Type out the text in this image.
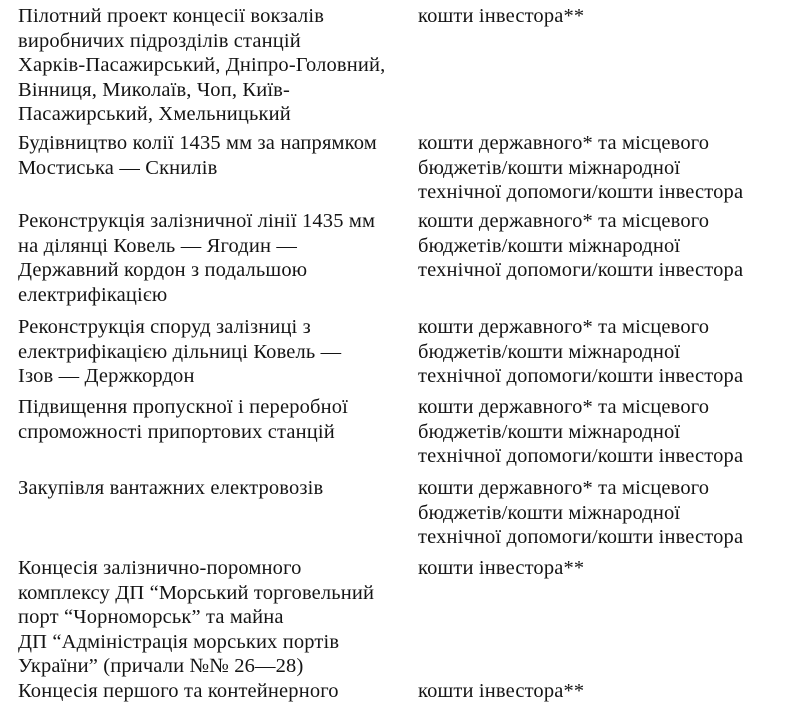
Пілотний проект концесії вокзалів
виробничих підрозділів станцій
Харків-Пасажирський, Дніпро-Головний,
Вінниця, Миколаїв, Чоп, Київ-
Пасажирський, Хмельницький
кошти інвестора**
Будівництво колії 1435 мм за напрямком
Мостиська — Скнилів
кошти державного* та місцевого
бюджетів/кошти міжнародної
технічної допомоги/кошти інвестора
Реконструкція залізничної лінії 1435 мм
на ділянці Ковель — Ягодин —
Державний кордон з подальшою
електрифікацією
кошти державного* та місцевого
бюджетів/кошти міжнародної
технічної допомоги/кошти інвестора
Реконструкція споруд залізниці з
електрифікацією дільниці Ковель —
Ізов — Держкордон
кошти державного* та місцевого
бюджетів/кошти міжнародної
технічної допомоги/кошти інвестора
Підвищення пропускної і переробної
спроможності припортових станцій
кошти державного* та місцевого
бюджетів/кошти міжнародної
технічної допомоги/кошти інвестора
Закупівля вантажних електровозів	кошти державного* та місцевого
бюджетів/кошти міжнародної
технічної допомоги/кошти інвестора
Концесія залізнично-поромного
комплексу ДП “Морський торговельний
порт “Чорноморськ” та майна
ДП “Адміністрація морських портів
України” (причали №№ 26—28)
кошти інвестора**
Концесія першого та контейнерного	кошти інвестора**
